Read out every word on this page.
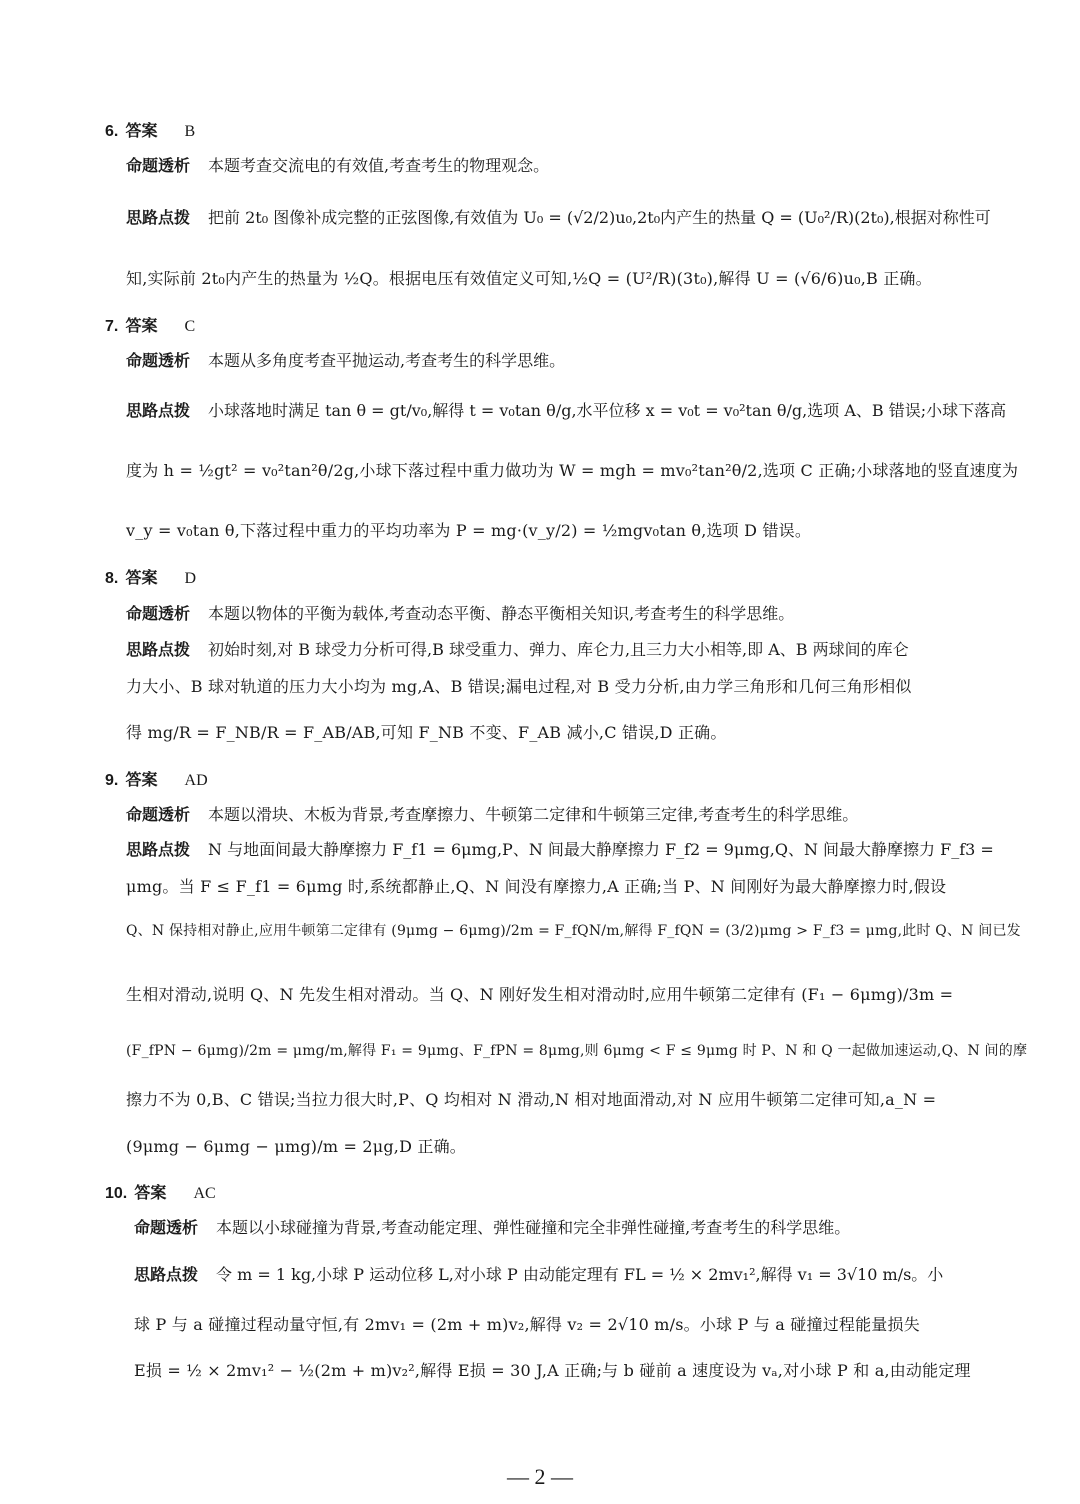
6. 答案 B
命题透析 本题考查交流电的有效值,考查考生的物理观念。
思路点拨 把前 2t₀ 图像补成完整的正弦图像,有效值为 U₀ = (√2/2)u₀,2t₀内产生的热量 Q = (U₀²/R)(2t₀),根据对称性可
知,实际前 2t₀内产生的热量为 ½Q。根据电压有效值定义可知,½Q = (U²/R)(3t₀),解得 U = (√6/6)u₀,B 正确。
7. 答案 C
命题透析 本题从多角度考查平抛运动,考查考生的科学思维。
思路点拨 小球落地时满足 tan θ = gt/v₀,解得 t = v₀tan θ/g,水平位移 x = v₀t = v₀²tan θ/g,选项 A、B 错误;小球下落高
度为 h = ½gt² = v₀²tan²θ/2g,小球下落过程中重力做功为 W = mgh = mv₀²tan²θ/2,选项 C 正确;小球落地的竖直速度为
v_y = v₀tan θ,下落过程中重力的平均功率为 P = mg·(v_y/2) = ½mgv₀tan θ,选项 D 错误。
8. 答案 D
命题透析 本题以物体的平衡为载体,考查动态平衡、静态平衡相关知识,考查考生的科学思维。
思路点拨 初始时刻,对 B 球受力分析可得,B 球受重力、弹力、库仑力,且三力大小相等,即 A、B 两球间的库仑
力大小、B 球对轨道的压力大小均为 mg,A、B 错误;漏电过程,对 B 受力分析,由力学三角形和几何三角形相似
得 mg/R = F_NB/R = F_AB/AB,可知 F_NB 不变、F_AB 减小,C 错误,D 正确。
9. 答案 AD
命题透析 本题以滑块、木板为背景,考查摩擦力、牛顿第二定律和牛顿第三定律,考查考生的科学思维。
思路点拨 N 与地面间最大静摩擦力 F_f1 = 6μmg,P、N 间最大静摩擦力 F_f2 = 9μmg,Q、N 间最大静摩擦力 F_f3 =
μmg。当 F ≤ F_f1 = 6μmg 时,系统都静止,Q、N 间没有摩擦力,A 正确;当 P、N 间刚好为最大静摩擦力时,假设
Q、N 保持相对静止,应用牛顿第二定律有 (9μmg − 6μmg)/2m = F_fQN/m,解得 F_fQN = (3/2)μmg > F_f3 = μmg,此时 Q、N 间已发
生相对滑动,说明 Q、N 先发生相对滑动。当 Q、N 刚好发生相对滑动时,应用牛顿第二定律有 (F₁ − 6μmg)/3m =
(F_fPN − 6μmg)/2m = μmg/m,解得 F₁ = 9μmg、F_fPN = 8μmg,则 6μmg < F ≤ 9μmg 时 P、N 和 Q 一起做加速运动,Q、N 间的摩
擦力不为 0,B、C 错误;当拉力很大时,P、Q 均相对 N 滑动,N 相对地面滑动,对 N 应用牛顿第二定律可知,a_N =
(9μmg − 6μmg − μmg)/m = 2μg,D 正确。
10. 答案 AC
命题透析 本题以小球碰撞为背景,考查动能定理、弹性碰撞和完全非弹性碰撞,考查考生的科学思维。
思路点拨 令 m = 1 kg,小球 P 运动位移 L,对小球 P 由动能定理有 FL = ½ × 2mv₁²,解得 v₁ = 3√10 m/s。小
球 P 与 a 碰撞过程动量守恒,有 2mv₁ = (2m + m)v₂,解得 v₂ = 2√10 m/s。小球 P 与 a 碰撞过程能量损失
E损 = ½ × 2mv₁² − ½(2m + m)v₂²,解得 E损 = 30 J,A 正确;与 b 碰前 a 速度设为 vₐ,对小球 P 和 a,由动能定理
— 2 —
